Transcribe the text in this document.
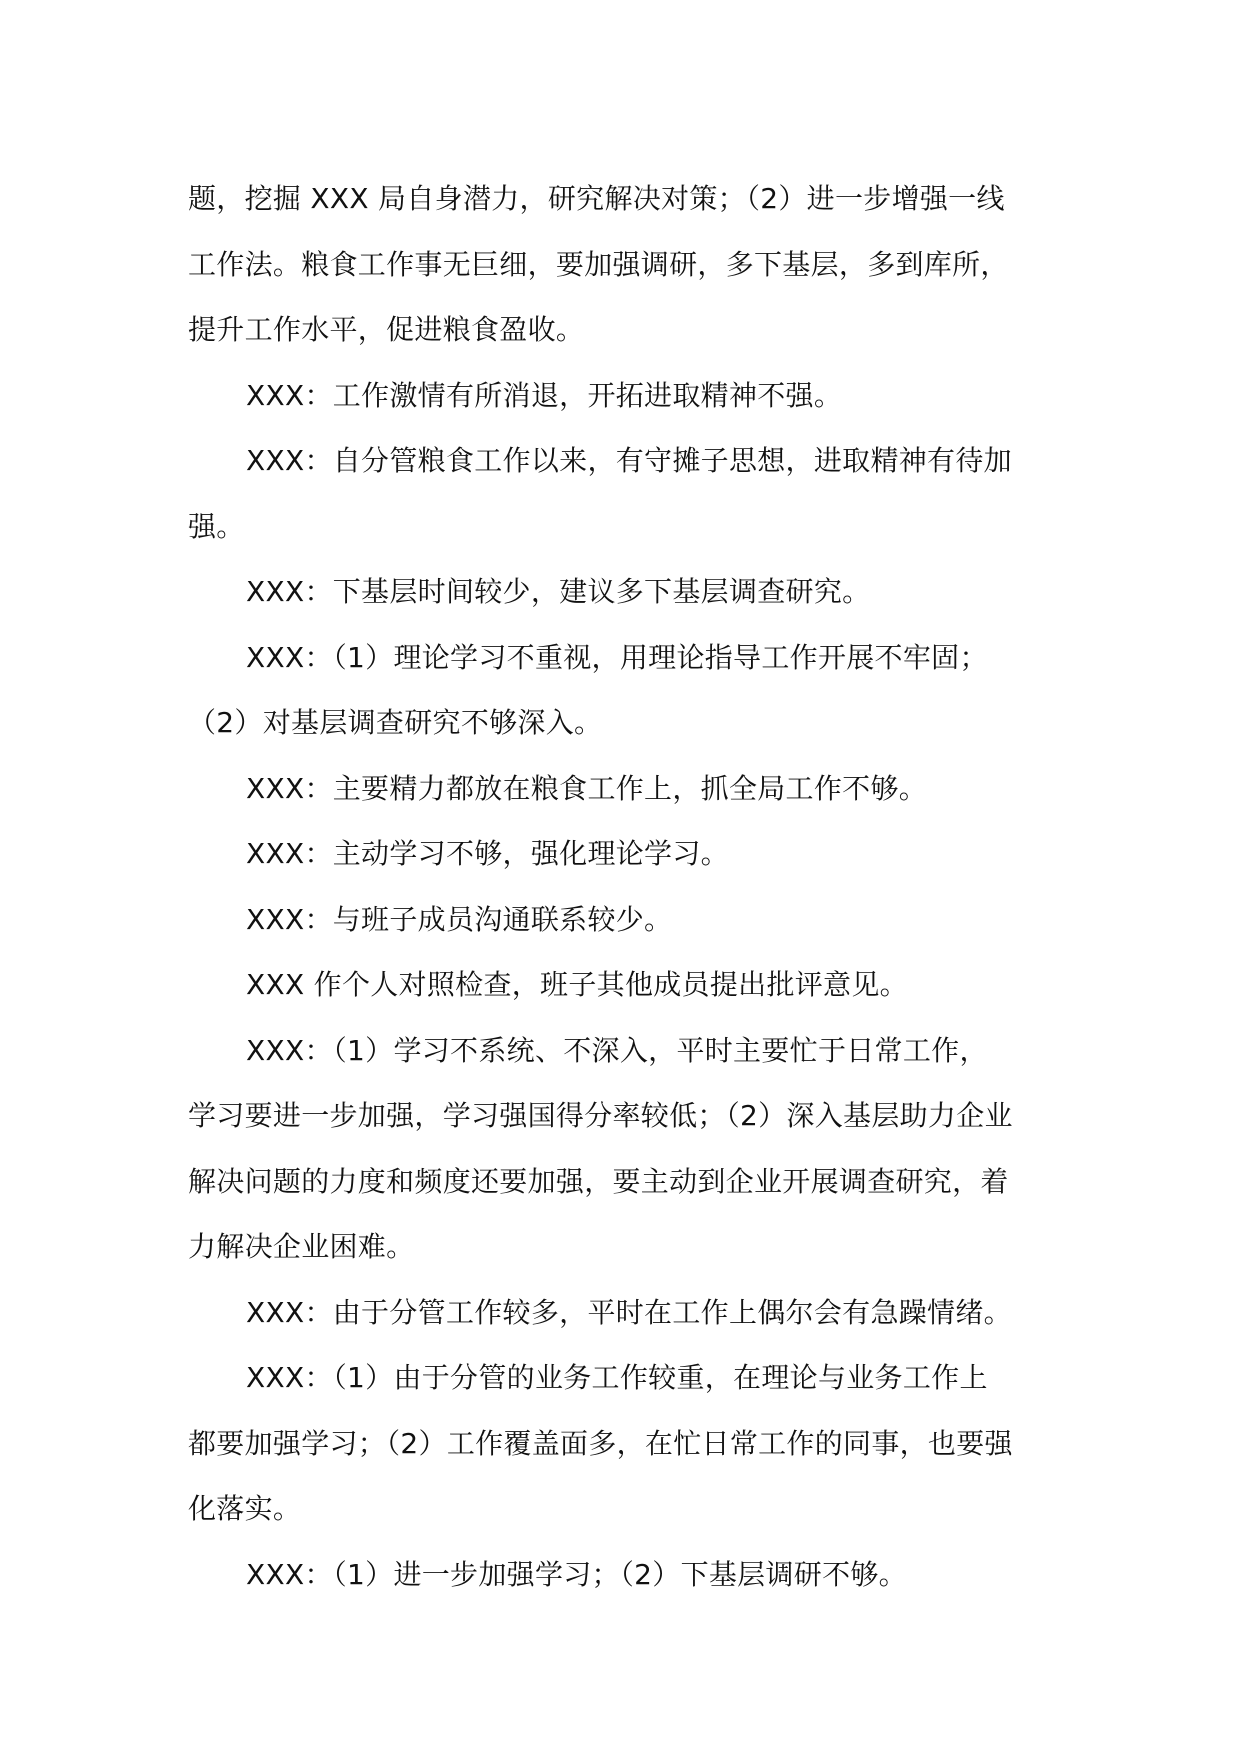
题，挖掘 XXX 局自身潜力，研究解决对策；（2）进一步增强一线
工作法。粮食工作事无巨细，要加强调研，多下基层，多到库所，
提升工作水平，促进粮食盈收。
XXX：工作激情有所消退，开拓进取精神不强。
XXX：自分管粮食工作以来，有守摊子思想，进取精神有待加
强。
XXX：下基层时间较少，建议多下基层调查研究。
XXX：（1）理论学习不重视，用理论指导工作开展不牢固；
（2）对基层调查研究不够深入。
XXX：主要精力都放在粮食工作上，抓全局工作不够。
XXX：主动学习不够，强化理论学习。
XXX：与班子成员沟通联系较少。
XXX 作个人对照检查，班子其他成员提出批评意见。
XXX：（1）学习不系统、不深入，平时主要忙于日常工作，
学习要进一步加强，学习强国得分率较低；（2）深入基层助力企业
解决问题的力度和频度还要加强，要主动到企业开展调查研究，着
力解决企业困难。
XXX：由于分管工作较多，平时在工作上偶尔会有急躁情绪。
XXX：（1）由于分管的业务工作较重，在理论与业务工作上
都要加强学习；（2）工作覆盖面多，在忙日常工作的同事，也要强
化落实。
XXX：（1）进一步加强学习；（2）下基层调研不够。
